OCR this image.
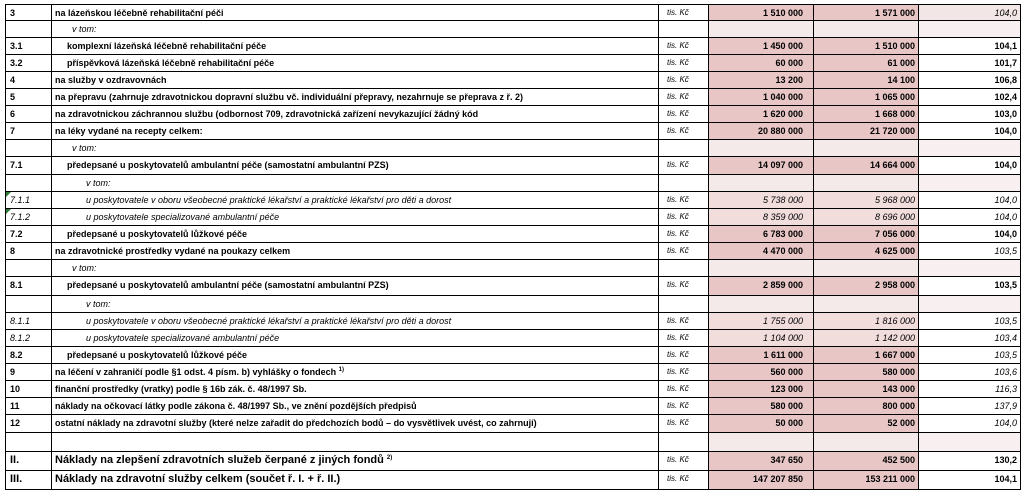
3	na lázeňskou léčebně rehabilitační péči	tis. Kč	1 510 000	1 571 000	104,0
v tom:
3.1	komplexní lázeňská léčebně rehabilitační péče	tis. Kč	1 450 000	1 510 000	104,1
3.2	příspěvková lázeňská léčebně rehabilitační péče	tis. Kč	60 000	61 000	101,7
4	na služby v ozdravovnách	tis. Kč	13 200	14 100	106,8
5	na přepravu (zahrnuje zdravotnickou dopravní službu vč. individuální přepravy, nezahrnuje se přeprava z ř. 2)	tis. Kč	1 040 000	1 065 000	102,4
6	na zdravotnickou záchrannou službu (odbornost 709, zdravotnická zařízení nevykazující žádný kód	tis. Kč	1 620 000	1 668 000	103,0
7	na léky vydané na recepty celkem:	tis. Kč	20 880 000	21 720 000	104,0
v tom:
7.1	předepsané u poskytovatelů ambulantní péče (samostatní ambulantní PZS)	tis. Kč	14 097 000	14 664 000	104,0
v tom:
7.1.1	u poskytovatele v oboru všeobecné praktické lékařství a praktické lékařství pro děti a dorost	tis. Kč	5 738 000	5 968 000	104,0
7.1.2	u poskytovatele specializované ambulantní péče	tis. Kč	8 359 000	8 696 000	104,0
7.2	předepsané u poskytovatelů lůžkové péče	tis. Kč	6 783 000	7 056 000	104,0
8	na zdravotnické prostředky vydané na poukazy celkem	tis. Kč	4 470 000	4 625 000	103,5
v tom:
8.1	předepsané u poskytovatelů ambulantní péče (samostatní ambulantní PZS)	tis. Kč	2 859 000	2 958 000	103,5
v tom:
8.1.1	u poskytovatele v oboru všeobecné praktické lékařství a praktické lékařství pro děti a dorost	tis. Kč	1 755 000	1 816 000	103,5
8.1.2	u poskytovatele specializované ambulantní péče	tis. Kč	1 104 000	1 142 000	103,4
8.2	předepsané u poskytovatelů lůžkové péče	tis. Kč	1 611 000	1 667 000	103,5
9	na léčení v zahraničí podle §1 odst. 4 písm. b) vyhlášky o fondech $^{1)}$	tis. Kč	560 000	580 000	103,6
10	finanční prostředky (vratky) podle § 16b zák. č. 48/1997 Sb.	tis. Kč	123 000	143 000	116,3
11	náklady na očkovací látky podle zákona č. 48/1997 Sb., ve znění pozdějších předpisů	tis. Kč	580 000	800 000	137,9
12	ostatní náklady na zdravotní služby (které nelze zařadit do předchozích bodů – do vysvětlivek uvést, co zahrnují)	tis. Kč	50 000	52 000	104,0
II.	Náklady na zlepšení zdravotních služeb čerpané z jiných fondů $^{2)}$	tis. Kč	347 650	452 500	130,2
III.	Náklady na zdravotní služby celkem (součet ř. I. + ř. II.)	tis. Kč	147 207 850	153 211 000	104,1
